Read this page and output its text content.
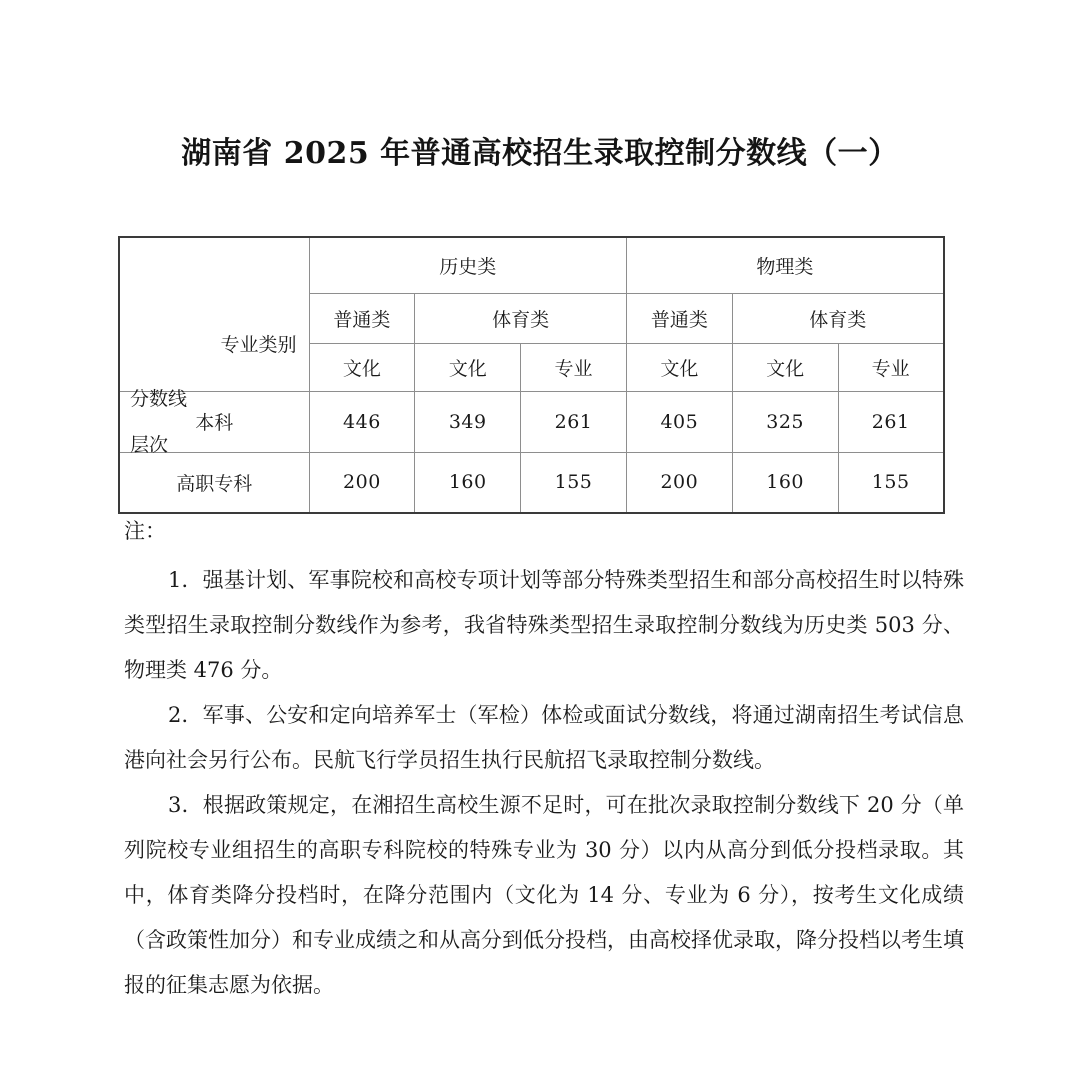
湖南省 2025 年普通高校招生录取控制分数线（一）
专业类别
分数线
层次	历史类			物理类		
	普通类	体育类		普通类	体育类	
	文化	文化	专业	文化	文化	专业
本科	446	349	261	405	325	261
高职专科	200	160	155	200	160	155

注：

1．强基计划、军事院校和高校专项计划等部分特殊类型招生和部分高校招生时以特殊类型招生录取控制分数线作为参考，我省特殊类型招生录取控制分数线为历史类 503 分、物理类 476 分。

2．军事、公安和定向培养军士（军检）体检或面试分数线，将通过湖南招生考试信息港向社会另行公布。民航飞行学员招生执行民航招飞录取控制分数线。

3．根据政策规定，在湘招生高校生源不足时，可在批次录取控制分数线下 20 分（单列院校专业组招生的高职专科院校的特殊专业为 30 分）以内从高分到低分投档录取。其中，体育类降分投档时，在降分范围内（文化为 14 分、专业为 6 分），按考生文化成绩（含政策性加分）和专业成绩之和从高分到低分投档，由高校择优录取，降分投档以考生填报的征集志愿为依据。
